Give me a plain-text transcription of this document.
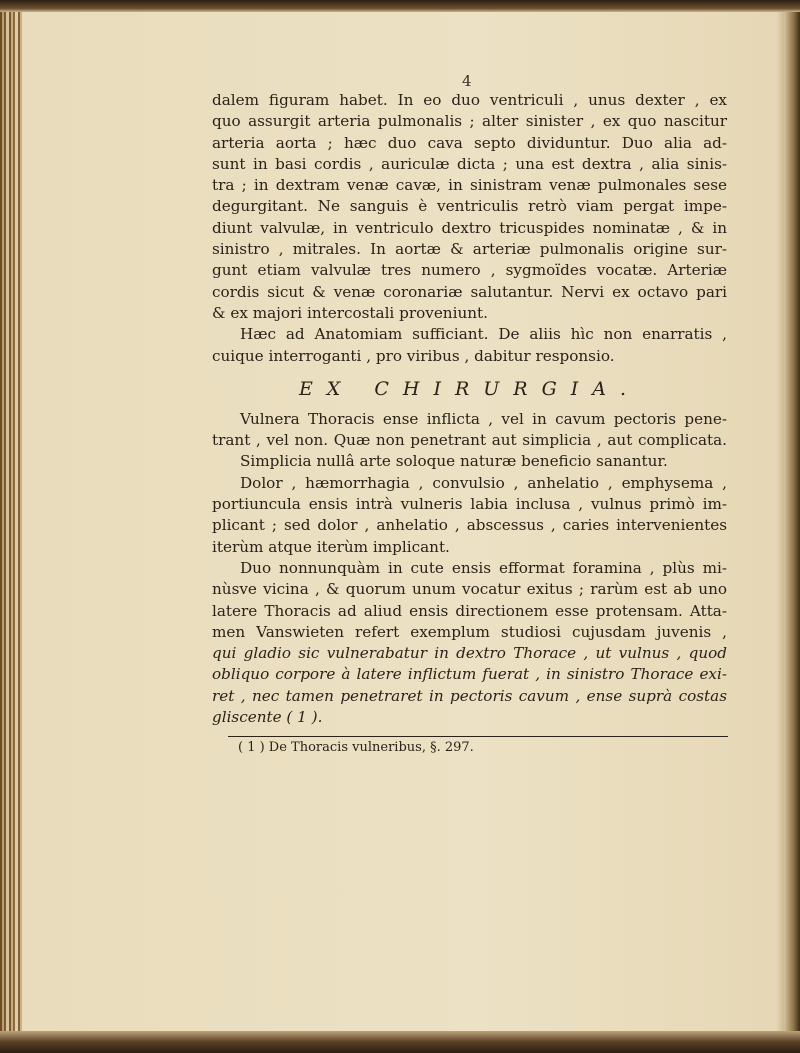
4
dalem figuram habet. In eo duo ventriculi , unus dexter , ex
quo assurgit arteria pulmonalis ; alter sinister , ex quo nascitur
arteria aorta ; hæc duo cava septo dividuntur. Duo alia ad-
sunt in basi cordis , auriculæ dicta ; una est dextra , alia sinis-
tra ; in dextram venæ cavæ, in sinistram venæ pulmonales sese
degurgitant. Ne sanguis è ventriculis retrò viam pergat impe-
diunt valvulæ, in ventriculo dextro tricuspides nominatæ , & in
sinistro , mitrales. In aortæ & arteriæ pulmonalis origine sur-
gunt etiam valvulæ tres numero , sygmoïdes vocatæ. Arteriæ
cordis sicut & venæ coronariæ salutantur. Nervi ex octavo pari
& ex majori intercostali proveniunt.
Hæc ad Anatomiam sufficiant. De aliis hìc non enarratis ,
cuique interroganti , pro viribus , dabitur responsio.
EX CHIRURGIA.
Vulnera Thoracis ense inflicta , vel in cavum pectoris pene-
trant , vel non. Quæ non penetrant aut simplicia , aut complicata.
Simplicia nullâ arte soloque naturæ beneficio sanantur.
Dolor , hæmorrhagia , convulsio , anhelatio , emphysema ,
portiuncula ensis intrà vulneris labia inclusa , vulnus primò im-
plicant ; sed dolor , anhelatio , abscessus , caries intervenientes
iterùm atque iterùm implicant.
Duo nonnunquàm in cute ensis efformat foramina , plùs mi-
nùsve vicina , & quorum unum vocatur exitus ; rarùm est ab uno
latere Thoracis ad aliud ensis directionem esse protensam. Atta-
men Vanswieten refert exemplum studiosi cujusdam juvenis ,
qui gladio sic vulnerabatur in dextro Thorace , ut vulnus , quod
obliquo corpore à latere inflictum fuerat , in sinistro Thorace exi-
ret , nec tamen penetraret in pectoris cavum , ense suprà costas
gliscente ( 1 ).
( 1 ) De Thoracis vulneribus, §. 297.
